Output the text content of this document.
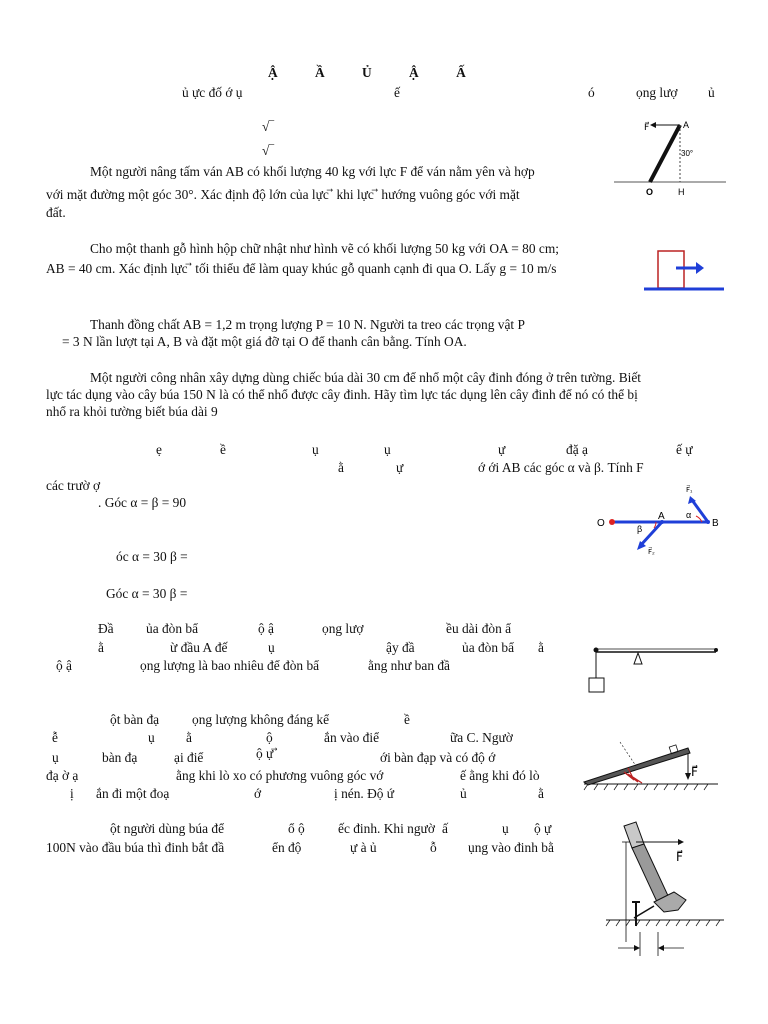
Ậ Ầ Ủ Ậ Ấ
ủ ực đố ớ ụ	ế	ó	ọng lượ ủ
√‾
√‾
Một người nâng tấm ván AB có khối lượng 40 kg với lực F để ván nằm yên và hợp
với mặt đường một góc 30°. Xác định độ lớn của lực ⃗ khi lực ⃗ hướng vuông góc với mặt
đất.
F⃗	A
30°
O	H
Cho một thanh gỗ hình hộp chữ nhật như hình vẽ có khối lượng 50 kg với OA = 80 cm;
AB = 40 cm. Xác định lực ⃗ tối thiểu để làm quay khúc gỗ quanh cạnh đi qua O. Lấy g = 10 m/s
Thanh đồng chất AB = 1,2 m trọng lượng P = 10 N. Người ta treo các trọng vật P
= 3 N lần lượt tại A, B và đặt một giá đỡ tại O để thanh cân bằng. Tính OA.
Một người công nhân xây dựng dùng chiếc búa dài 30 cm để nhổ một cây đinh đóng ở trên tường. Biết
lực tác dụng vào cây búa 150 N là có thể nhổ được cây đinh. Hãy tìm lực tác dụng lên cây đinh để nó có thể bị
nhổ ra khỏi tường biết búa dài 9
ẹ	ề	ụ	ụ	ự	đặ ạ	ế ự
ằ	ự	ớ ới AB các góc α và β. Tính F
các trườ ợ
. Góc α = β = 90
óc α = 30 β =
Góc α = 30 β =
O
A
B
α
β
F⃗₁
F⃗₂
Đầ ủa đòn bẩ	ộ ậ	ọng lượ	ều dài đòn ẩ
ằ	ừ đầu A đế	ụ	ậy đầ	ủa đòn bẩ ằ
ộ ậ	ọng lượng là bao nhiêu để đòn bẩ	ằng như ban đầ
ột bàn đạ ọng lượng không đáng kể	ề
ễ	ụ ằ	ộ	ắn vào điể	ữa C. Ngườ
ụ	bàn đạ	ại điể	ộ ự ⃗	ới bàn đạp và có độ ớ
đạ ờ ạ	ằng khi lò xo có phương vuông góc vớ	ế ằng khi đó lò
ị ắn đi một đoạ	ớ	ị nén. Độ ứ	ủ	ằ
F⃗
ột người dùng búa để	ổ ộ ếc đinh. Khi ngườ ấ	ụ ộ ự
100N vào đầu búa thì đinh bắt đầ	ển độ	ự à ủ	ỗ ụng vào đinh bằ
F⃗
